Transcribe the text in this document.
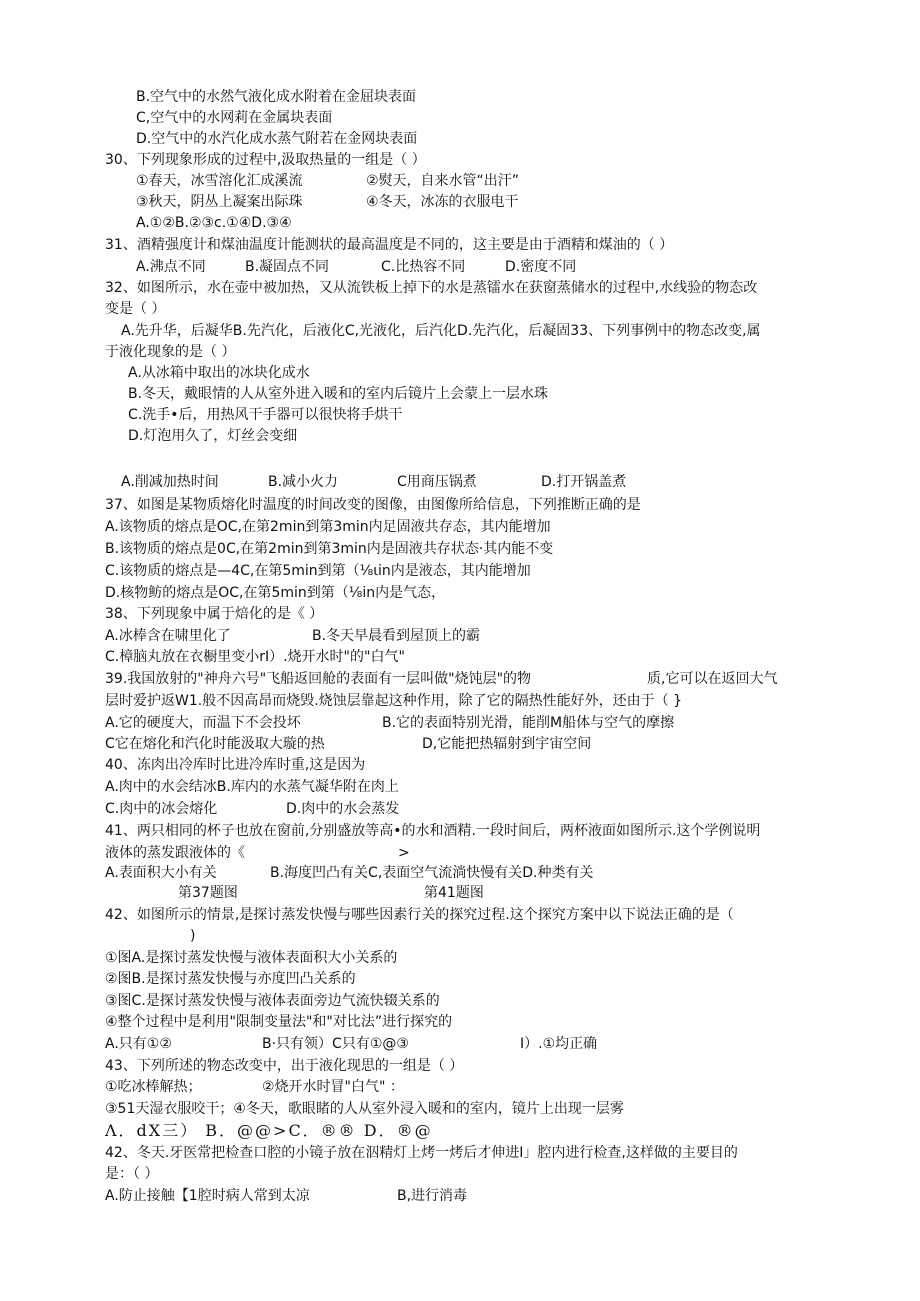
B.空气中的水然气液化成水附着在金屈块表面
C,空气中的水网莉在金属块表面
D.空气中的水汽化成水蒸气附若在金网块表面
30、下列现象形成的过程中,汲取热量的一组是（ ）
①春天，冰雪溶化汇成溪流	②熨天，自来水管“出汗”
③秋天，阴丛上凝案出际珠	④冬天，冰冻的衣服电干
A.①②B.②③c.①④D.③④
31、酒精强度计和煤油温度计能测状的最高温度是不同的，这主要是由于酒精和煤油的（ ）
A.沸点不同	B.凝固点不同	C.比热容不同	D.密度不同
32、如图所示，水在壶中被加热，又从流铁板上掉下的水是蒸镭水在获窗蒸储水的过程中,水线验的物态改
变是（ ）
A.先升华，后凝华B.先汽化，后液化C,光液化，后汽化D.先汽化，后凝固33、下列事例中的物态改变,属
于液化现象的是（ ）
A.从冰箱中取出的冰块化成水
B.冬天，戴眼情的人从室外进入暖和的室内后镜片上会蒙上一层水珠
C.洗手•后，用热风干手器可以很快将手烘干
D.灯泡用久了，灯丝会变细
A.削减加热时间	B.减小火力	C用商压锅煮	D.打开锅盖煮
37、如图是某物质熔化时温度的时间改变的图像，由图像所给信息，下列推断正确的是
A.该物质的熔点是OC,在第2min到第3min内足固液共存态，其内能增加
B.该物质的熔点是0C,在第2min到第3min内是固液共存状态·其内能不变
C.该物质的熔点是—4C,在第5min到第（⅛ιin内是液态，其内能增加
D.核物鲂的熔点是OC,在第5min到第（⅛in内是气态，
38、下列现象中属于焙化的是《 ）
A.冰棒含在啸里化了	B.冬天早晨看到屋顶上的霸
C.樟脑丸放在衣橱里变小rI）.烧开水时"的"白气"
39.我国放射的"神舟六号"飞船返回舱的表面有一层叫做"烧饨层"的物	质,它可以在返回大气
层时爱护返W1.般不因高昂而烧毁.烧蚀层靠起这种作用，除了它的隔热性能好外，还由于（ }
A.它的硬度大，而温下不会投坏	B.它的表面特别光滑，能削M船体与空气的摩擦
C它在熔化和汽化时能汲取大璇的热	D,它能把热辐射到宇宙空间
40、冻肉出冷库时比进冷库时重,这是因为
A.肉中的水会结冰B.库内的水蒸气凝华附在肉上
C.肉中的冰会熔化	D.肉中的水会蒸发
41、两只相同的杯子也放在窗前,分别盛放等高•的水和酒精.一段时间后，两杯液面如图所示.这个学例说明
液体的蒸发跟液体的《	>
A.表面积大小有关	B.海度凹凸有关C,表面空气流淌快慢有关D.种类有关
第37题图	第41题图
42、如图所示的情景,是探讨蒸发快慢与哪些因素行关的探究过程.这个探究方案中以下说法正确的是（
)
①图A.是探讨蒸发快慢与液体表面积大小关系的
②图B.是探讨蒸发快慢与亦度凹凸关系的
③图C.是探讨蒸发快慢与液体表面旁边气流快辍关系的
④整个过程中是利用"限制变量法"和"对比法”进行探究的
A.只有①②	B·只有领）C只有①@③	I）.①均正确
43、下列所述的物态改变中，出于液化现思的一组是（ ）
①吃冰棒解热；	②烧开水时冒"白气" ：
③51天湿衣服咬干；④冬天，歌眼睹的人从室外浸入暖和的室内，镜片上出现一层雾
Λ．dX三） B．@@>C．®® D．®@
42、冬天.牙医常把检查口腔的小镜子放在泅精灯上烤一烤后才伸进I」腔内进行检查,这样做的主要目的
是：（ ）
A.防止接触【1腔时病人常到太凉	B,进行消毒
